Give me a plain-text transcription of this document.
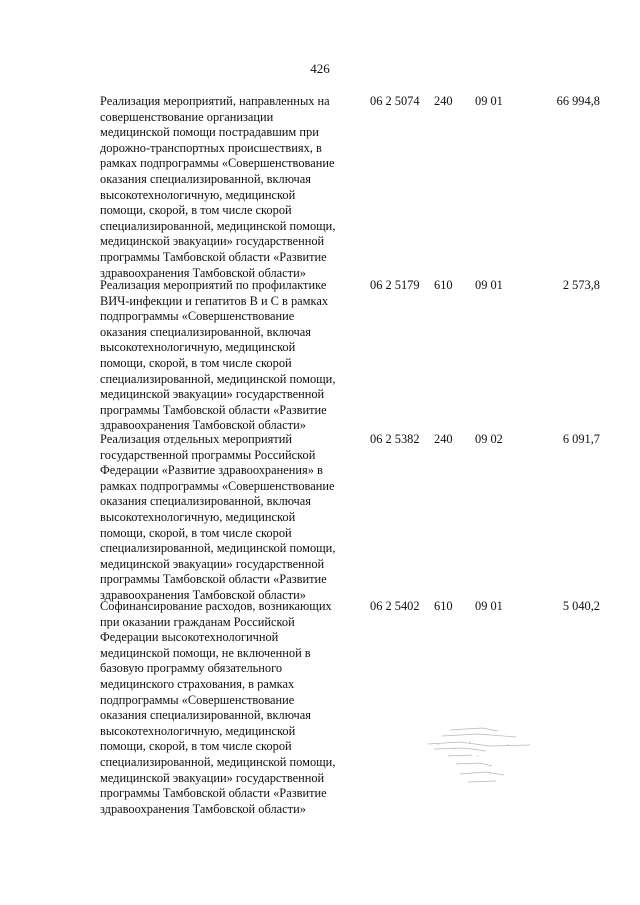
426
Реализация мероприятий, направленных на
совершенствование организации
медицинской помощи пострадавшим при
дорожно-транспортных происшествиях, в
рамках подпрограммы «Совершенствование
оказания специализированной, включая
высокотехнологичную, медицинской
помощи, скорой, в том числе скорой
специализированной, медицинской помощи,
медицинской эвакуации» государственной
программы Тамбовской области «Развитие
здравоохранения Тамбовской области»
06 2 5074 240 09 01	66 994,8
Реализация мероприятий по профилактике
ВИЧ-инфекции и гепатитов В и С в рамках
подпрограммы «Совершенствование
оказания специализированной, включая
высокотехнологичную, медицинской
помощи, скорой, в том числе скорой
специализированной, медицинской помощи,
медицинской эвакуации» государственной
программы Тамбовской области «Развитие
здравоохранения Тамбовской области»
06 2 5179 610 09 01	2 573,8
Реализация отдельных мероприятий
государственной программы Российской
Федерации «Развитие здравоохранения» в
рамках подпрограммы «Совершенствование
оказания специализированной, включая
высокотехнологичную, медицинской
помощи, скорой, в том числе скорой
специализированной, медицинской помощи,
медицинской эвакуации» государственной
программы Тамбовской области «Развитие
здравоохранения Тамбовской области»
06 2 5382 240 09 02	6 091,7
Софинансирование расходов, возникающих
при оказании гражданам Российской
Федерации высокотехнологичной
медицинской помощи, не включенной в
базовую программу обязательного
медицинского страхования, в рамках
подпрограммы «Совершенствование
оказания специализированной, включая
высокотехнологичную, медицинской
помощи, скорой, в том числе скорой
специализированной, медицинской помощи,
медицинской эвакуации» государственной
программы Тамбовской области «Развитие
здравоохранения Тамбовской области»
06 2 5402 610 09 01	5 040,2
